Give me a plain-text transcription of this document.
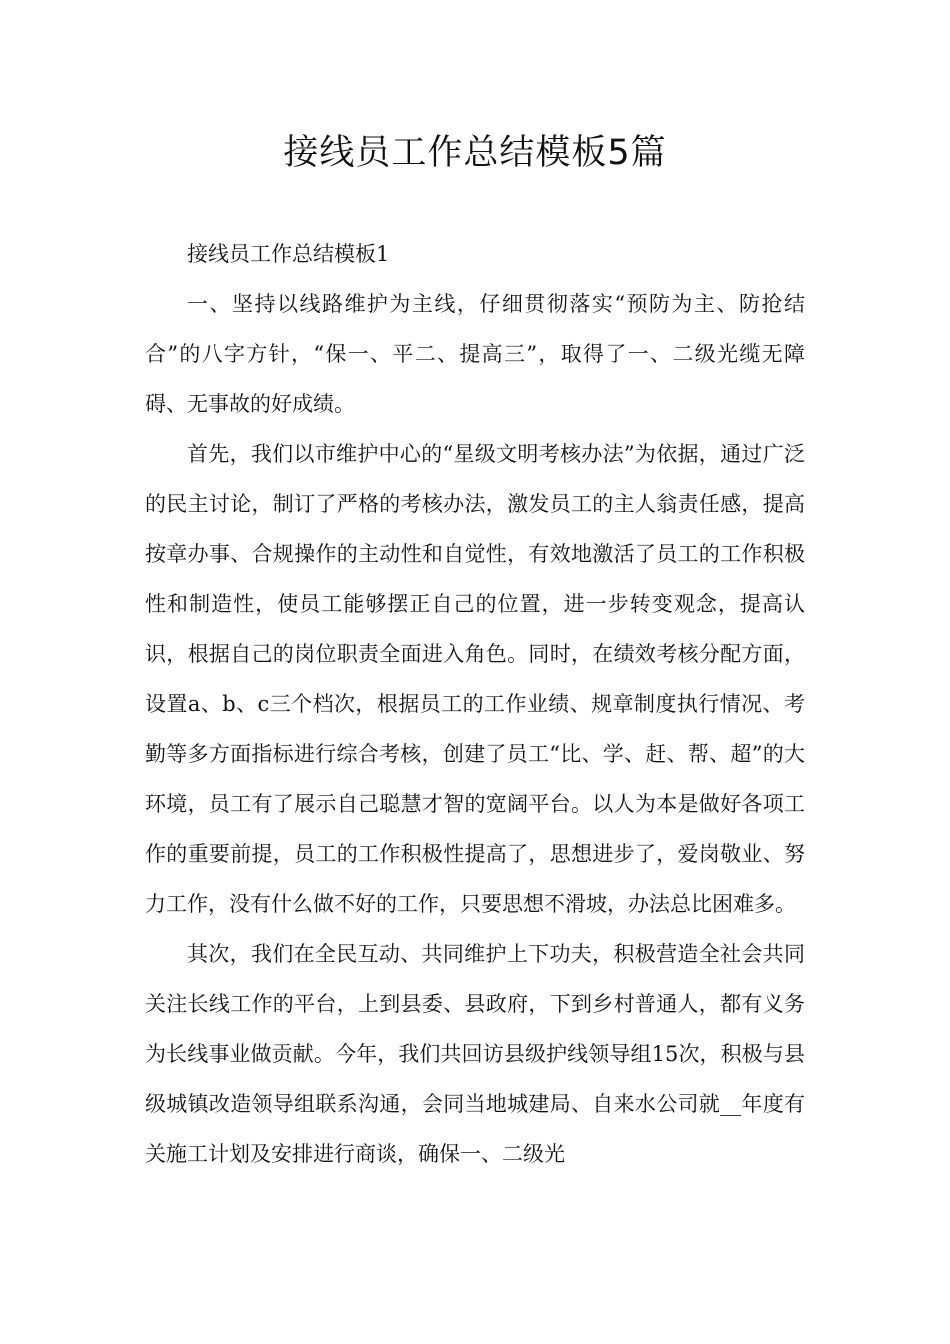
接线员工作总结模板5篇

接线员工作总结模板1

一、坚持以线路维护为主线，仔细贯彻落实“预防为主、防抢结合”的八字方针，“保一、平二、提高三”，取得了一、二级光缆无障碍、无事故的好成绩。

首先，我们以市维护中心的“星级文明考核办法”为依据，通过广泛的民主讨论，制订了严格的考核办法，激发员工的主人翁责任感，提高按章办事、合规操作的主动性和自觉性，有效地激活了员工的工作积极性和制造性，使员工能够摆正自己的位置，进一步转变观念，提高认识，根据自己的岗位职责全面进入角色。同时，在绩效考核分配方面，设置a、b、c三个档次，根据员工的工作业绩、规章制度执行情况、考勤等多方面指标进行综合考核，创建了员工“比、学、赶、帮、超”的大环境，员工有了展示自己聪慧才智的宽阔平台。以人为本是做好各项工作的重要前提，员工的工作积极性提高了，思想进步了，爱岗敬业、努力工作，没有什么做不好的工作，只要思想不滑坡，办法总比困难多。

其次，我们在全民互动、共同维护上下功夫，积极营造全社会共同关注长线工作的平台，上到县委、县政府，下到乡村普通人，都有义务为长线事业做贡献。今年，我们共回访县级护线领导组15次，积极与县级城镇改造领导组联系沟通，会同当地城建局、自来水公司就__年度有关施工计划及安排进行商谈，确保一、二级光
